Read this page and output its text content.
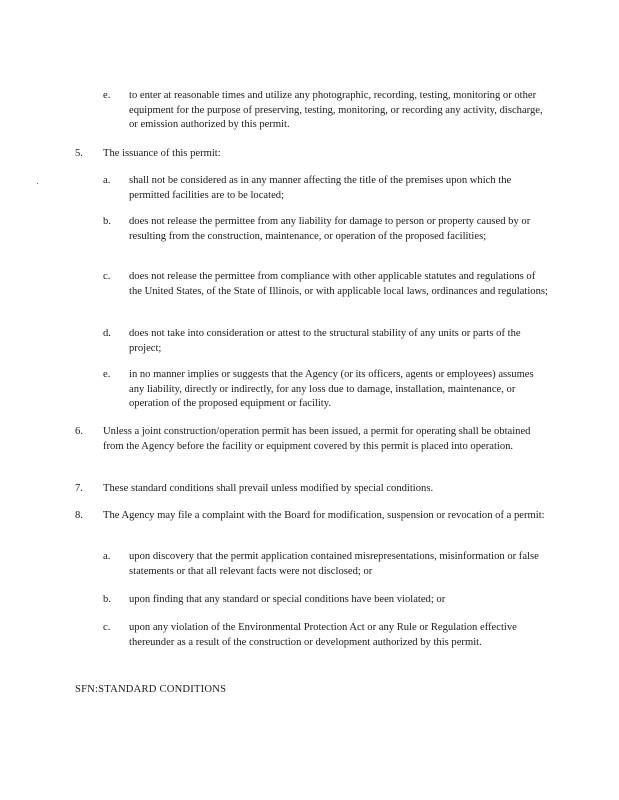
e. to enter at reasonable times and utilize any photographic, recording, testing, monitoring or other equipment for the purpose of preserving, testing, monitoring, or recording any activity, discharge, or emission authorized by this permit.
5. The issuance of this permit:
a. shall not be considered as in any manner affecting the title of the premises upon which the permitted facilities are to be located;
b. does not release the permittee from any liability for damage to person or property caused by or resulting from the construction, maintenance, or operation of the proposed facilities;
c. does not release the permittee from compliance with other applicable statutes and regulations of the United States, of the State of Illinois, or with applicable local laws, ordinances and regulations;
d. does not take into consideration or attest to the structural stability of any units or parts of the project;
e. in no manner implies or suggests that the Agency (or its officers, agents or employees) assumes any liability, directly or indirectly, for any loss due to damage, installation, maintenance, or operation of the proposed equipment or facility.
6. Unless a joint construction/operation permit has been issued, a permit for operating shall be obtained from the Agency before the facility or equipment covered by this permit is placed into operation.
7. These standard conditions shall prevail unless modified by special conditions.
8. The Agency may file a complaint with the Board for modification, suspension or revocation of a permit:
a. upon discovery that the permit application contained misrepresentations, misinformation or false statements or that all relevant facts were not disclosed; or
b. upon finding that any standard or special conditions have been violated; or
c. upon any violation of the Environmental Protection Act or any Rule or Regulation effective thereunder as a result of the construction or development authorized by this permit.
SFN:STANDARD CONDITIONS
